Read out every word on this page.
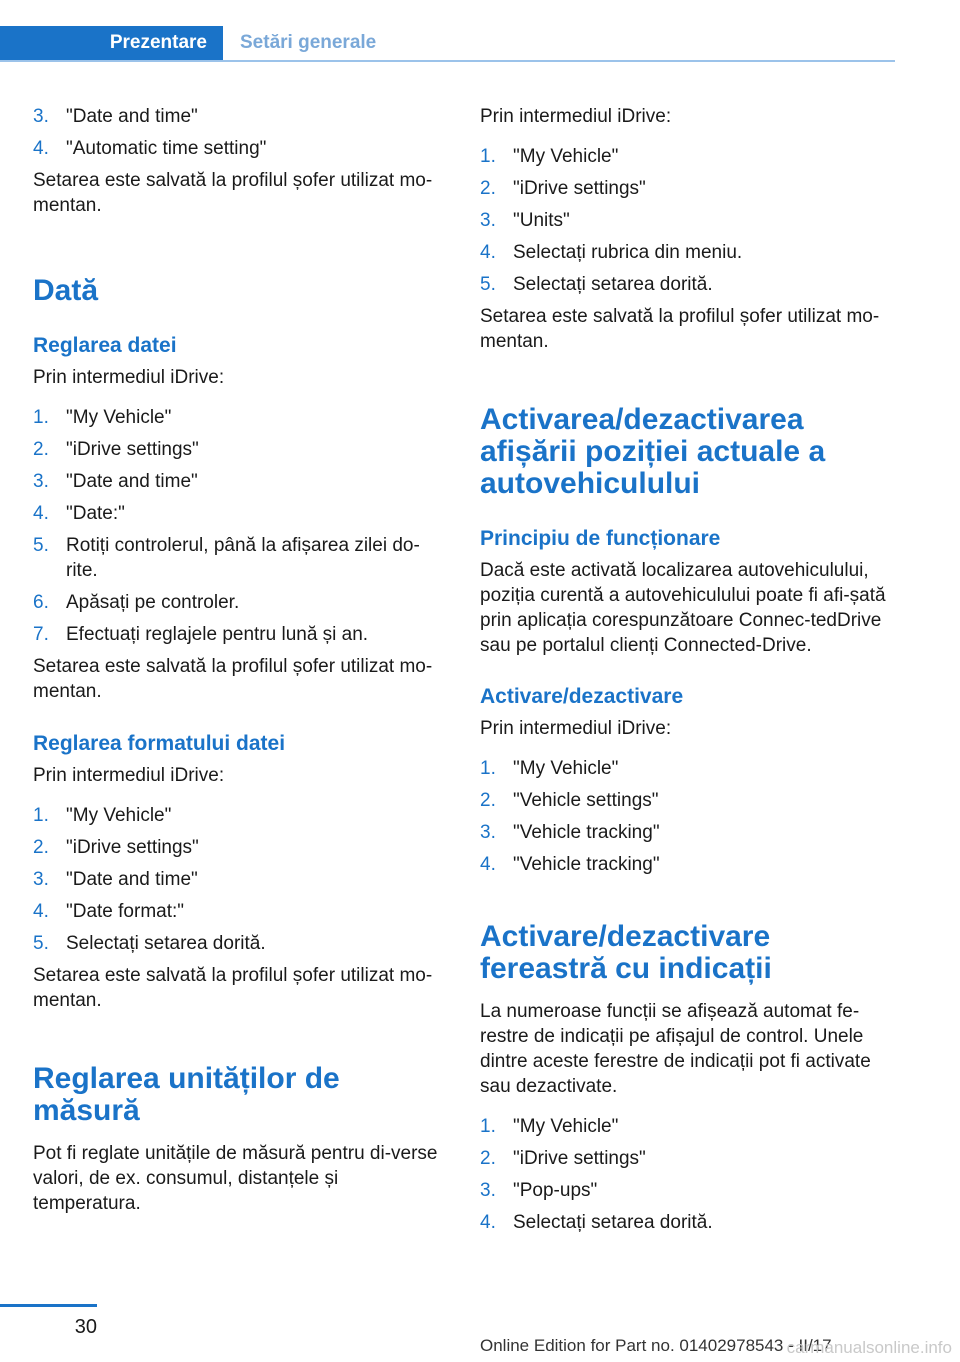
Prezentare	Setări generale
3. "Date and time"
4. "Automatic time setting"

Setarea este salvată la profilul șofer utilizat mo‐mentan.

Dată
Reglarea datei

Prin intermediul iDrive:

1. "My Vehicle"
2. "iDrive settings"
3. "Date and time"
4. "Date:"
5. Rotiți controlerul, până la afișarea zilei do‐rite.
6. Apăsați pe controler.
7. Efectuați reglajele pentru lună și an.

Setarea este salvată la profilul șofer utilizat mo‐mentan.

Reglarea formatului datei

Prin intermediul iDrive:

1. "My Vehicle"
2. "iDrive settings"
3. "Date and time"
4. "Date format:"
5. Selectați setarea dorită.

Setarea este salvată la profilul șofer utilizat mo‐mentan.

Reglarea unităților de măsură

Pot fi reglate unitățile de măsură pentru di‐verse valori, de ex. consumul, distanțele și temperatura.

Prin intermediul iDrive:

1. "My Vehicle"
2. "iDrive settings"
3. "Units"
4. Selectați rubrica din meniu.
5. Selectați setarea dorită.

Setarea este salvată la profilul șofer utilizat mo‐mentan.

Activarea/dezactivarea afișării poziției actuale a autovehiculului
Principiu de funcționare

Dacă este activată localizarea autovehiculului, poziția curentă a autovehiculului poate fi afi‐șată prin aplicația corespunzătoare Connec‐tedDrive sau pe portalul clienți Connected‐Drive.

Activare/dezactivare

Prin intermediul iDrive:

1. "My Vehicle"
2. "Vehicle settings"
3. "Vehicle tracking"
4. "Vehicle tracking"
Activare/dezactivare fereastră cu indicații

La numeroase funcții se afișează automat fe‐restre de indicații pe afișajul de control. Unele dintre aceste ferestre de indicații pot fi activate sau dezactivate.

1. "My Vehicle"
2. "iDrive settings"
3. "Pop-ups"
4. Selectați setarea dorită.
30
Online Edition for Part no. 01402978543 - II/17
carmanualsonline.info
